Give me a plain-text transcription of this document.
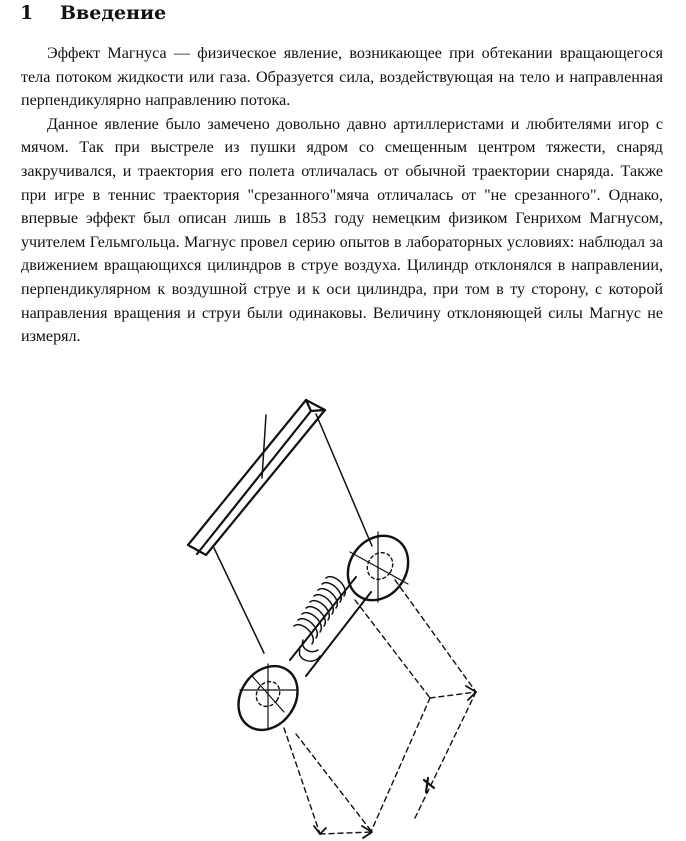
1 Введение

Эффект Магнуса — физическое явление, возникающее при обтекании вращающегося тела потоком жидкости или газа. Образуется сила, воздействующая на тело и направленная перпендикулярно направлению потока.

Данное явление было замечено довольно давно артиллеристами и любителями игор с мячом. Так при выстреле из пушки ядром со смещенным центром тяжести, снаряд закручивался, и траектория его полета отличалась от обычной траектории снаряда. Также при игре в теннис траектория "срезанного"мяча отличалась от "не срезанного". Однако, впервые эффект был описан лишь в 1853 году немецким физиком Генрихом Магнусом, учителем Гельмгольца. Магнус провел серию опытов в лабораторных условиях: наблюдал за движением вращающихся цилиндров в струе воздуха. Цилиндр отклонялся в направлении, перпендикулярном к воздушной струе и к оси цилиндра, при том в ту сторону, с которой направления вращения и струи были одинаковы. Величину отклоняющей силы Магнус не измерял.
